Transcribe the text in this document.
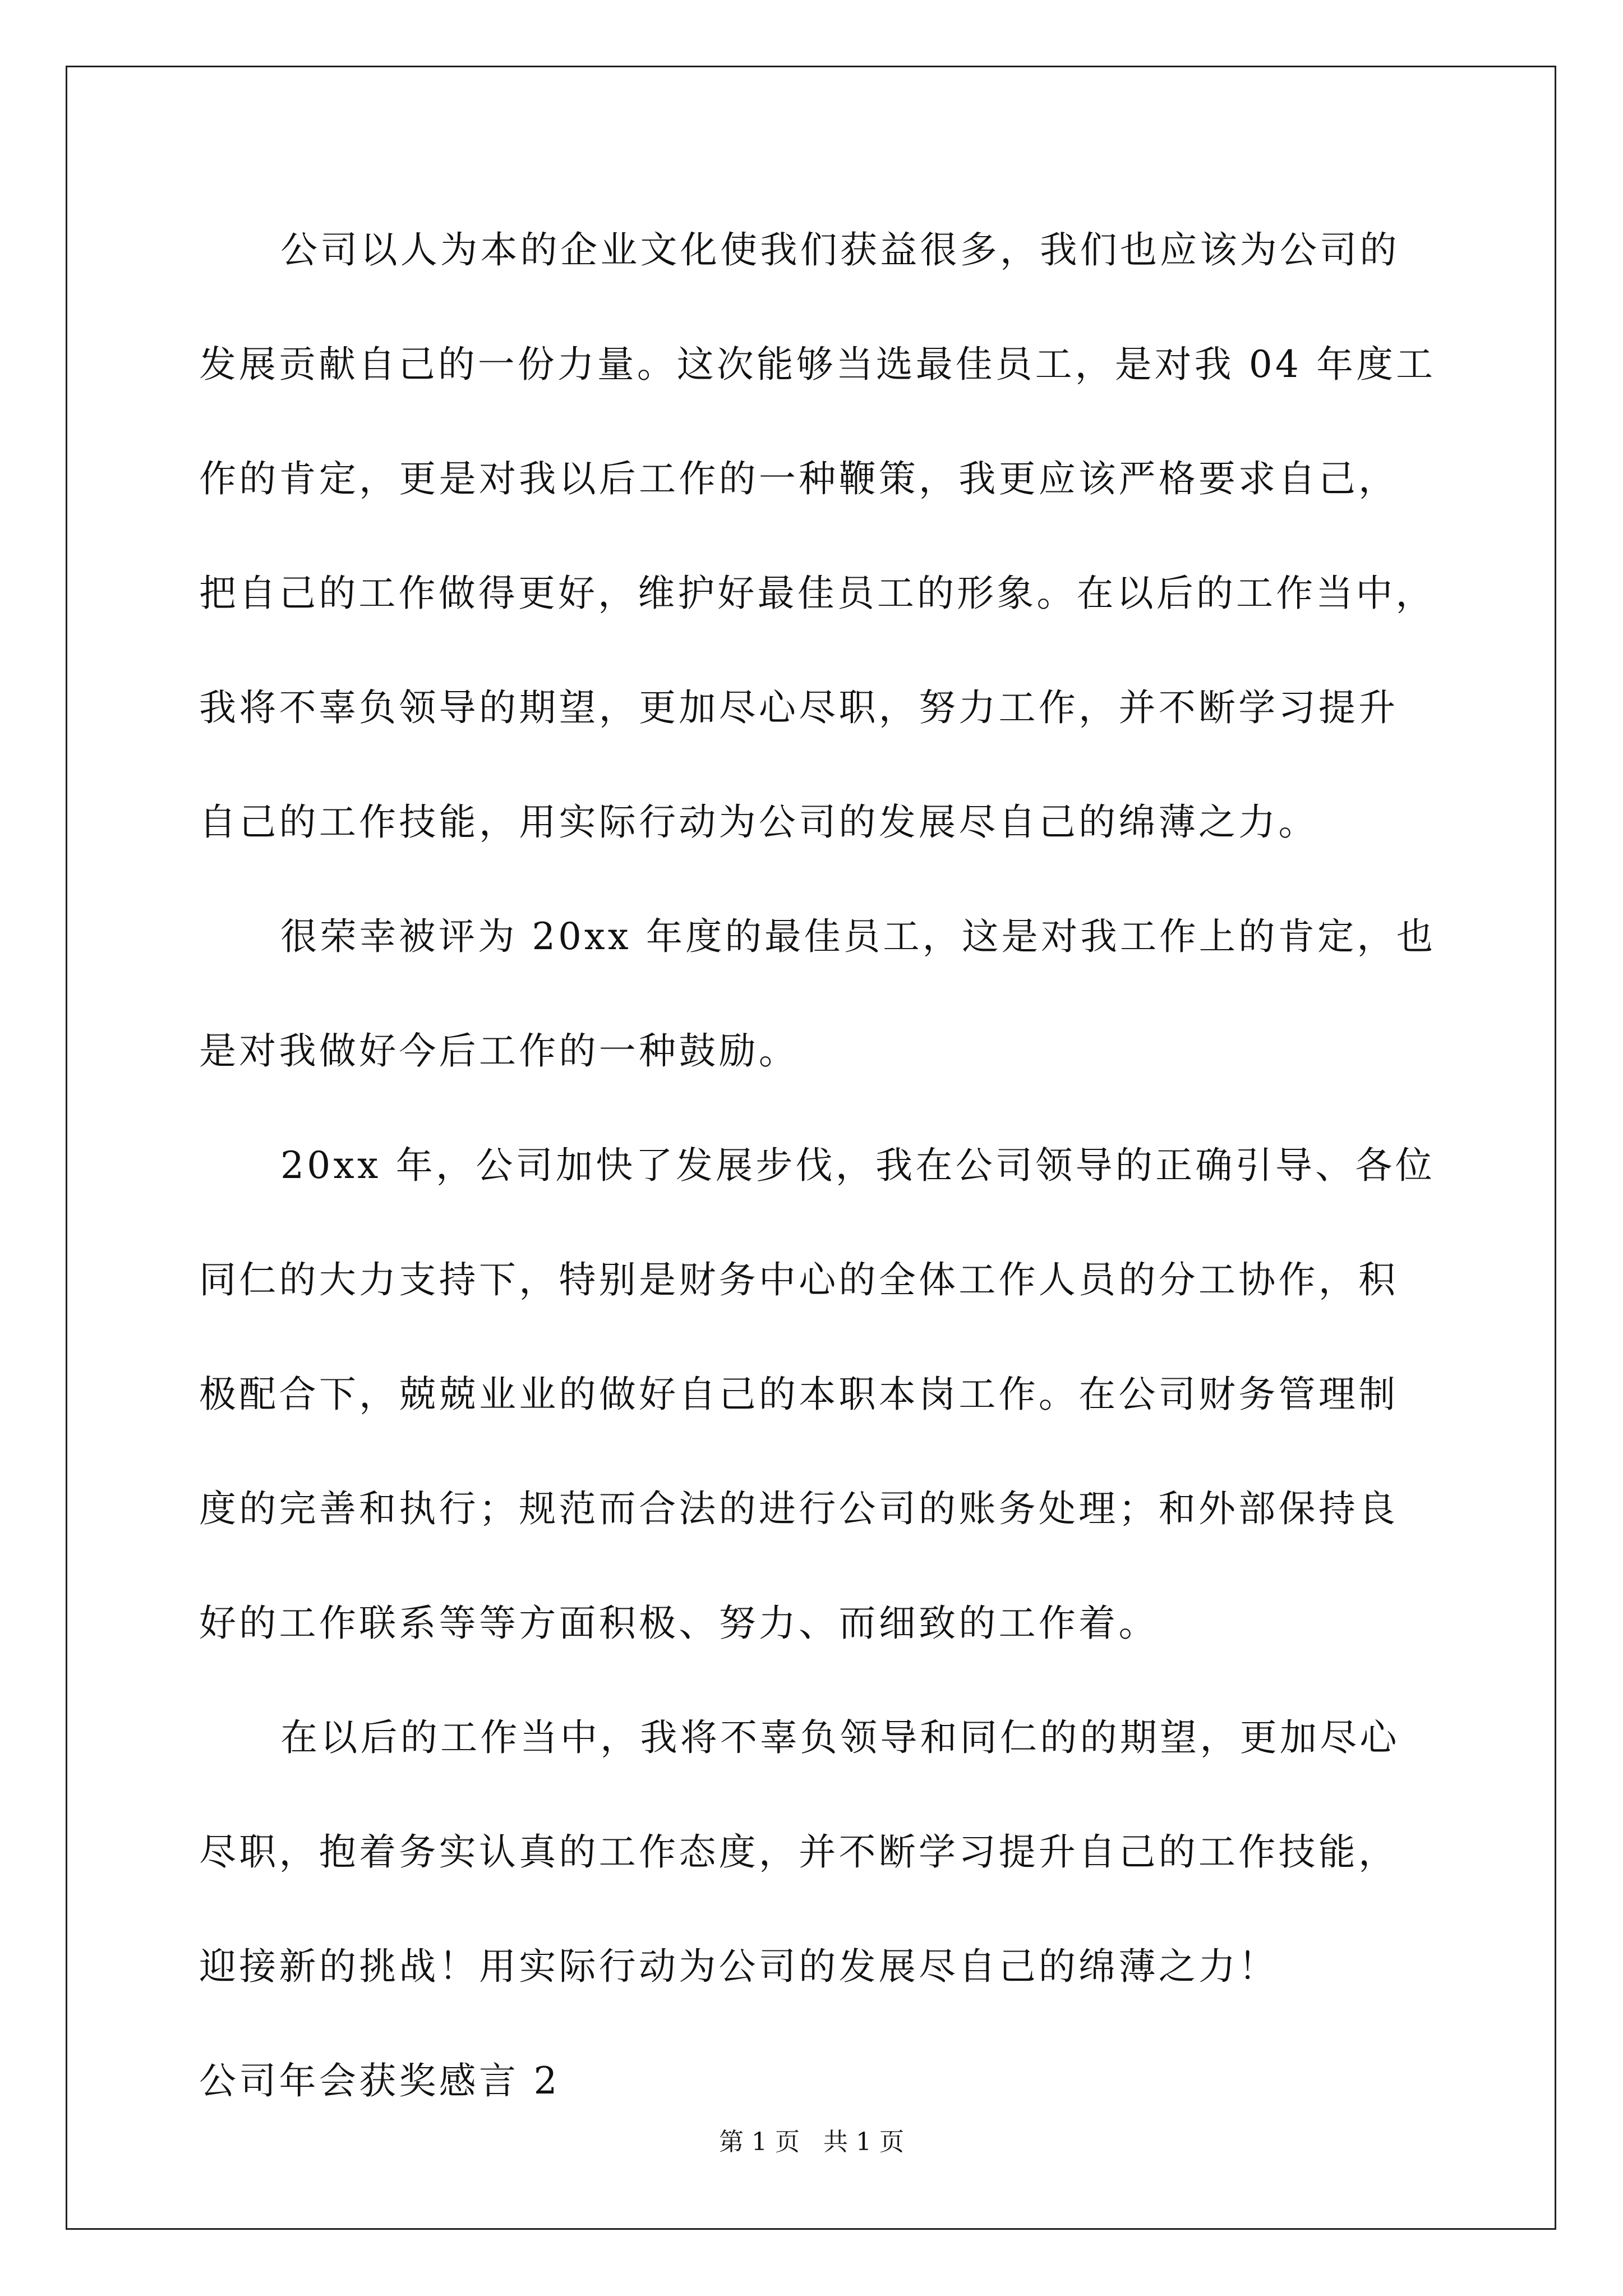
公司以人为本的企业文化使我们获益很多，我们也应该为公司的

发展贡献自己的一份力量。这次能够当选最佳员工，是对我 04 年度工

作的肯定，更是对我以后工作的一种鞭策，我更应该严格要求自己，

把自己的工作做得更好，维护好最佳员工的形象。在以后的工作当中，

我将不辜负领导的期望，更加尽心尽职，努力工作，并不断学习提升

自己的工作技能，用实际行动为公司的发展尽自己的绵薄之力。

很荣幸被评为 20xx 年度的最佳员工，这是对我工作上的肯定，也

是对我做好今后工作的一种鼓励。

20xx 年，公司加快了发展步伐，我在公司领导的正确引导、各位

同仁的大力支持下，特别是财务中心的全体工作人员的分工协作，积

极配合下，兢兢业业的做好自己的本职本岗工作。在公司财务管理制

度的完善和执行；规范而合法的进行公司的账务处理；和外部保持良

好的工作联系等等方面积极、努力、而细致的工作着。

在以后的工作当中，我将不辜负领导和同仁的的期望，更加尽心

尽职，抱着务实认真的工作态度，并不断学习提升自己的工作技能，

迎接新的挑战！用实际行动为公司的发展尽自己的绵薄之力！

公司年会获奖感言 2

第 1 页   共 1 页
